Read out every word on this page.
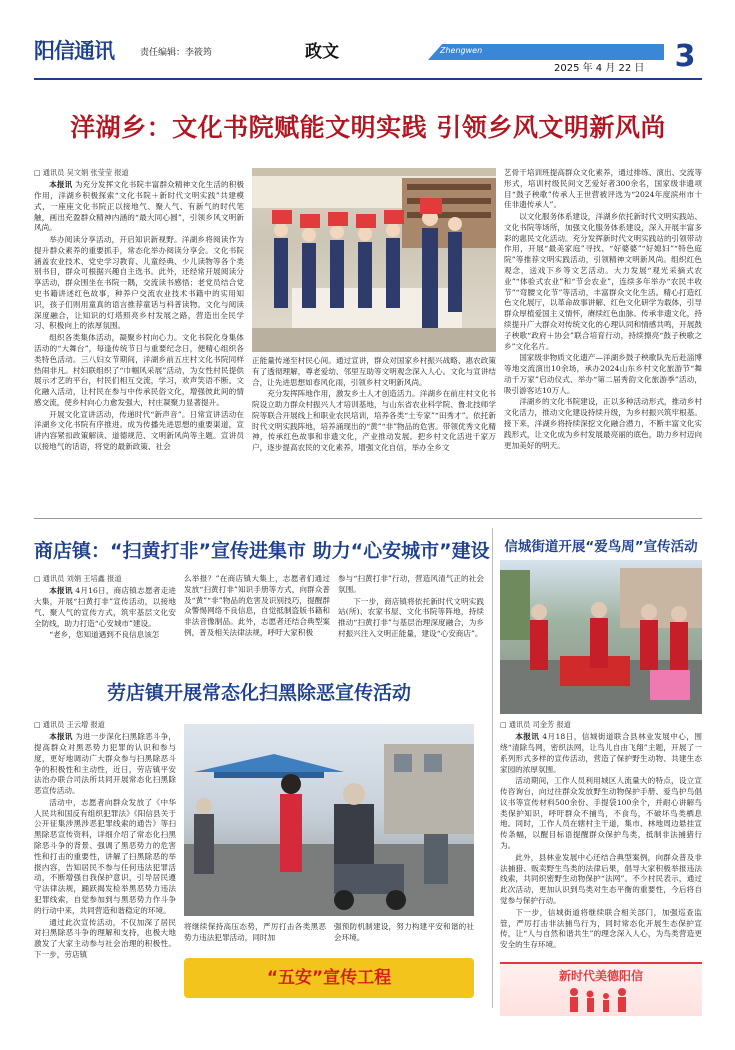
阳信通讯	责任编辑：李筱筠	政文	Zhengwen
2025 年 4 月 22 日 3
洋湖乡：文化书院赋能文明实践 引领乡风文明新风尚
□ 通讯员 吴文娟 张莹莹 报道

本报讯 为充分发挥文化书院丰富群众精神文化生活的积极作用，洋湖乡积极探索“文化书院＋新时代文明实践”共建模式，一座座文化书院正以接地气、聚人气、有新气的时代笔触，画出充盈群众精神内涵的“最大同心圆”，引领乡风文明新风尚。

举办阅读分享活动，开启知识新视野。洋湖乡将阅读作为提升群众素养的重要抓手，常态化举办阅读分享会。文化书院涵盖农业技术、党史学习教育、儿童经典、少儿读物等各个类别书目，群众可根据兴趣自主选书。此外，还经常开展阅读分享活动，群众围坐在书院一隅，交流读书感悟；老党员结合党史书籍讲述红色故事，种养户交流农业技术书籍中的实用知识，孩子们则用童真的语言推荐童话与科普读物。文化与阅读深度融合，让知识的灯塔照亮乡村发展之路，营造出全民学习、积极向上的浓厚氛围。

组织各类集体活动，凝聚乡村向心力。文化书院化身集体活动的“大舞台”，每逢传统节日与重要纪念日，便精心组织各类特色活动。三八妇女节期间，洋湖乡前五庄村文化书院同样热闹非凡。村妇联组织了“巾帼风采展”活动，为女性村民提供展示才艺的平台，村民们相互交流，学习，欢声笑语不断。文化融入活动，让村民在参与中传承民俗文化，增强彼此间的情感交流，使乡村向心力愈发强大，村庄凝聚力显著提升。

开展文化宣讲活动，传递时代“新声音”。日常宣讲活动在洋湖乡文化书院有序推进。成为传播先进思想的重要渠道，宣讲内容紧扣政策解读、道德规范、文明新风尚等主题。宣讲员以接地气的话语，将党的最新政策、社会

正能量传递至村民心间。通过宣讲，群众对国家乡村振兴战略、惠农政策有了透彻理解，尊老爱幼、邻里互助等文明观念深入人心。文化与宣讲结合，让先进思想如春风化雨，引领乡村文明新风尚。

充分发挥阵地作用，激发乡土人才创造活力。洋湖乡在前庄村文化书院设立助力群众村振兴人才培训基地，与山东省农业科学院、鲁北技师学院等联合开展线上和职业农民培训，培养各类“土专家”“田秀才”。依托新时代文明实践阵地，培养涌现出的“黄”“非”物品的危害。带领优秀文化精神，传承红色故事和非遗文化，产业推动发展。把乡村文化活进千家万户，逐步提高农民的文化素养，增强文化自信，举办全乡文

艺骨干培训班提高群众文化素养，通过排练、演出、交流等形式，培训村级民间文艺爱好者300余名，国家级非遗项目“鼓子秧歌”传承人王世营被评选为“2024年度滨州市十佳非遗传承人”。

以文化服务体系建设，洋湖乡依托新时代文明实践站、文化书院等场所，加强文化服务体系建设，深入开展丰富多彩的惠民文化活动。充分发挥新时代文明实践站的引领带动作用，开展“最美家庭”寻找、“好婆婆”“好媳妇”“特色庭院”等推荐文明实践活动，引领精神文明新风尚。组织红色观念，送戏下乡等文艺活动。大力发展“观光采摘式农业”“体验式农业”和“节会农业”，连续多年举办“农民丰收节”“弯腰文化节”等活动，丰富群众文化生活。精心打造红色文化展厅，以革命故事讲解、红色文化研学为载体，引导群众厚植爱国主义情怀，赓续红色血脉。传承非遗文化，持续提升广大群众对传统文化的心理认同和情感共鸣，开展鼓子秧歌“政府＋协会”联合培育行动，持续擦亮“鼓子秧歌之乡”文化名片。

国家级非物质文化遗产—洋湖乡鼓子秧歌队先后赴淄博等地交流演出10余场，承办2024山东乡村文化旅游节“舞动千万家”启动仪式、举办“第二届秀韵文化旅游季”活动，吸引游客达10万人。

洋湖乡的文化书院建设，正以多种活动形式，推动乡村文化活力，推动文化建设持续升级，为乡村振兴筑牢根基。接下来，洋湖乡将持续深挖文化融合潜力，不断丰富文化实践形式，让文化成为乡村发展最亮丽的底色，助力乡村迈向更加美好的明天。

商店镇：“扫黄打非”宣传进集市 助力“心安城市”建设
□ 通讯员 刘娟 王培鑫 报道

本报讯 4月16日，商店镇志愿者走进大集，开展“扫黄打非”宣传活动，以接地气、聚人气的宣传方式，筑牢基层文化安全防线，助力打造“心安城市”建设。

“老乡，您知道遇到不良信息该怎

么举报？”在商店镇大集上，志愿者们通过发放“扫黄打非”知识手册等方式，向群众普及“黄”“非”物品的危害及识别技巧，提醒群众警惕网络不良信息，自觉抵制盗版书籍和非法音像制品。此外，志愿者还结合典型案例，普及相关法律法规，呼吁大家积极

参与“扫黄打非”行动，营造风清气正的社会氛围。

下一步，商店镇将依托新时代文明实践站(所)、农家书屋、文化书院等阵地，持续推动“扫黄打非”与基层治理深度融合，为乡村振兴注入文明正能量，建设“心安商店”。

劳店镇开展常态化扫黑除恶宣传活动
□ 通讯员 王云增 报道

本报讯 为进一步深化扫黑除恶斗争，提高群众对黑恶势力犯罪的认识和参与度，更好地调动广大群众参与扫黑除恶斗争的积极性和主动性，近日，劳店镇平安法治办联合司法所共同开展常态化扫黑除恶宣传活动。

活动中，志愿者向群众发放了《中华人民共和国反有组织犯罪法》《阳信县关于公开征集涉黑涉恶犯罪线索的通告》等扫黑除恶宣传资料，详细介绍了常态化扫黑除恶斗争的背景、强调了黑恶势力的危害性和打击的重要性，讲解了扫黑除恶的举报内容，告知居民不参与任何违法犯罪活动，不断增强自我保护意识，引导居民遵守法律法规，踊跃揭发检举黑恶势力违法犯罪线索，自觉参加到与黑恶势力作斗争的行动中来，共同营造和谐稳定的环境。

通过此次宣传活动，不仅加深了居民对扫黑除恶斗争的理解和支持，也极大地激发了大家主动参与社会治理的积极性。下一步，劳店镇

将继续保持高压态势，严厉打击各类黑恶势力违法犯罪活动，同时加

强预防机制建设，努力构建平安和谐的社会环境。

“五安”宣传工程
信城街道开展“爱鸟周”宣传活动
□ 通讯员 司金芳 报道

本报讯 4月18日，信城街道联合县林业发展中心，围绕“清除鸟网，密织法网，让鸟儿自由飞翔”主题，开展了一系列形式多样的宣传活动，营造了保护野生动物、共建生态家园的浓厚氛围。

活动期间，工作人员利用城区人流量大的特点，设立宣传咨询台，向过往群众发放野生动物保护手册、爱鸟护鸟倡议书等宣传材料500余份、手提袋100余个，并耐心讲解鸟类保护知识，呼吁群众不捕鸟，不食鸟，不破坏鸟类栖息地。同时，工作人员在辖村主干道，集市、林地周边悬挂宣传条幅，以醒目标语提醒群众保护鸟类，抵制非法捕猎行为。

此外，县林业发展中心还结合典型案例，向群众普及非法捕猎、贩卖野生鸟类的法律后果，倡导大家积极举报违法线索，共同织密野生动物保护“法网”。不少村民表示，通过此次活动，更加认识到鸟类对生态平衡的重要性，今后将自觉参与保护行动。

下一步，信城街道将继续联合相关部门，加强巡查监管，严厉打击非法捕鸟行为，同时常态化开展生态保护宣传，让“人与自然和谐共生”的理念深入人心，为鸟类营造更安全的生存环境。

新时代美德阳信
